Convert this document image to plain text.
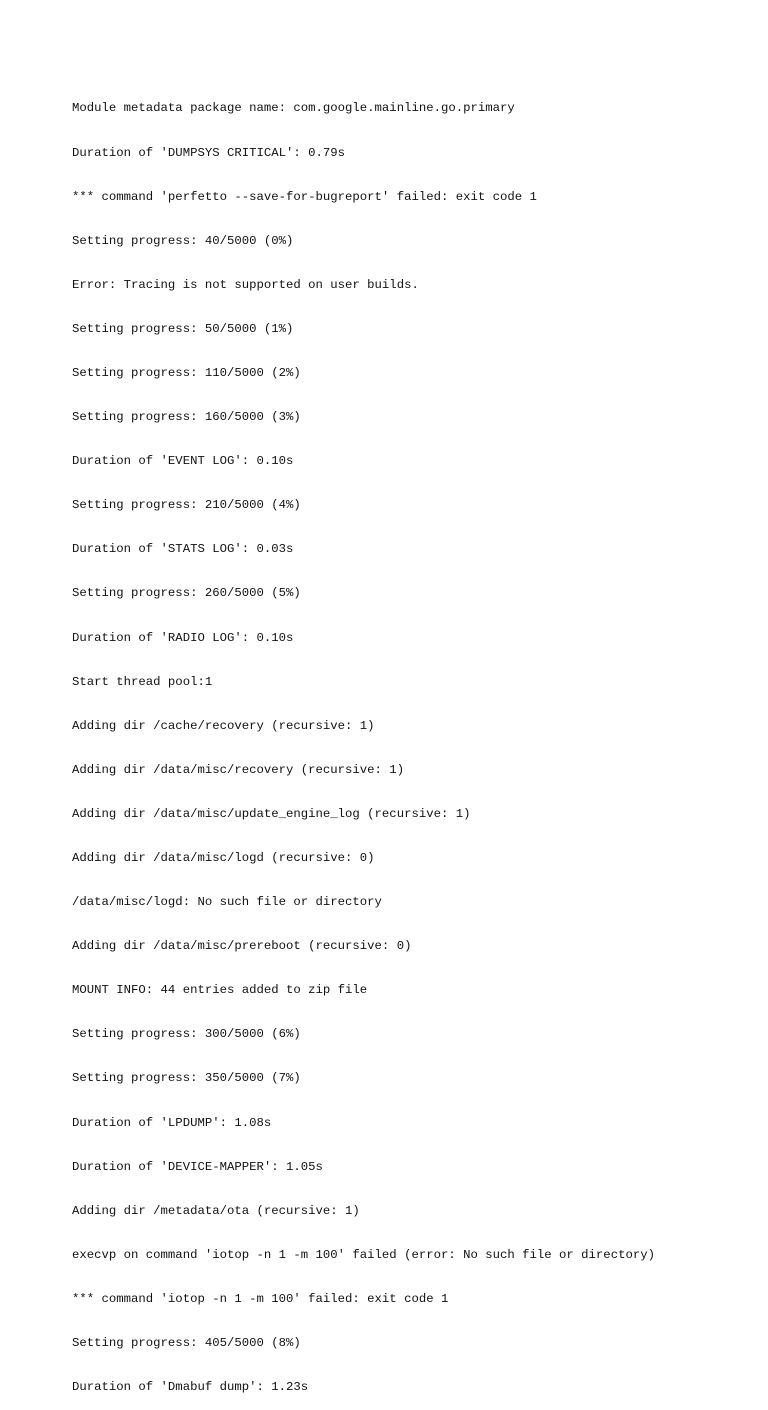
Module metadata package name: com.google.mainline.go.primary

Duration of 'DUMPSYS CRITICAL': 0.79s

*** command 'perfetto --save-for-bugreport' failed: exit code 1

Setting progress: 40/5000 (0%)

Error: Tracing is not supported on user builds.

Setting progress: 50/5000 (1%)

Setting progress: 110/5000 (2%)

Setting progress: 160/5000 (3%)

Duration of 'EVENT LOG': 0.10s

Setting progress: 210/5000 (4%)

Duration of 'STATS LOG': 0.03s

Setting progress: 260/5000 (5%)

Duration of 'RADIO LOG': 0.10s

Start thread pool:1

Adding dir /cache/recovery (recursive: 1)

Adding dir /data/misc/recovery (recursive: 1)

Adding dir /data/misc/update_engine_log (recursive: 1)

Adding dir /data/misc/logd (recursive: 0)

/data/misc/logd: No such file or directory

Adding dir /data/misc/prereboot (recursive: 0)

MOUNT INFO: 44 entries added to zip file

Setting progress: 300/5000 (6%)

Setting progress: 350/5000 (7%)

Duration of 'LPDUMP': 1.08s

Duration of 'DEVICE-MAPPER': 1.05s

Adding dir /metadata/ota (recursive: 1)

execvp on command 'iotop -n 1 -m 100' failed (error: No such file or directory)

*** command 'iotop -n 1 -m 100' failed: exit code 1

Setting progress: 405/5000 (8%)

Duration of 'Dmabuf dump': 1.23s
